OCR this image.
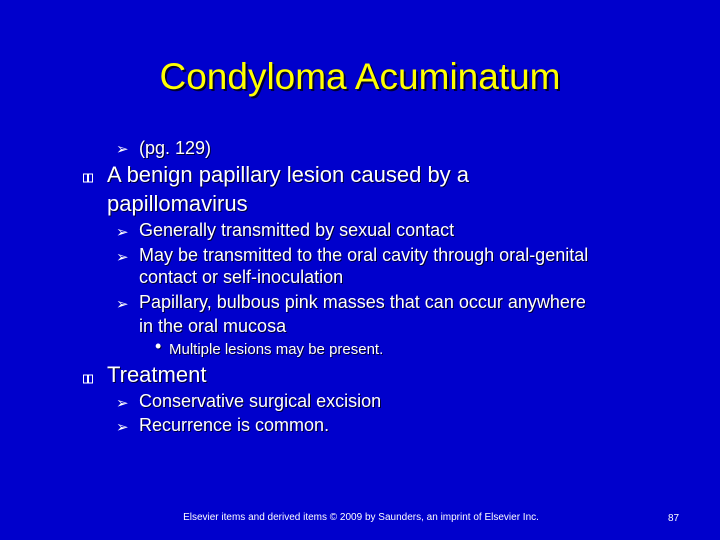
Condyloma Acuminatum
➢ (pg. 129)
A benign papillary lesion caused by a
papillomavirus
➢ Generally transmitted by sexual contact
➢ May be transmitted to the oral cavity through oral-genital
contact or self-inoculation
➢ Papillary, bulbous pink masses that can occur anywhere
in the oral mucosa
• Multiple lesions may be present.
Treatment
➢ Conservative surgical excision
➢ Recurrence is common.
Elsevier items and derived items © 2009 by Saunders, an imprint of Elsevier Inc.	87
